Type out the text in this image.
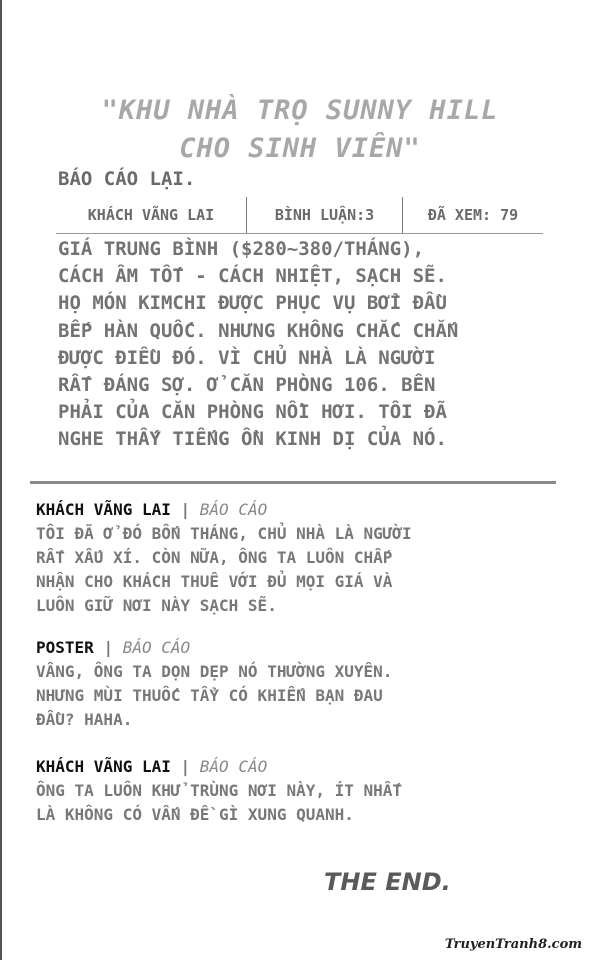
"KHU NHÀ TRỌ SUNNY HILL
CHO SINH VIÊN"
BÁO CÁO LẠI.
KHÁCH VÃNG LAI	BÌNH LUẬN:3	ĐÃ XEM: 79
GIÁ TRUNG BÌNH ($280~380/THÁNG),
CÁCH ÂM TỐT - CÁCH NHIỆT, SẠCH SẼ.
HỌ MÓN KIMCHI ĐƯỢC PHỤC VỤ BỞI ĐẦU
BẾP HÀN QUỐC. NHƯNG KHÔNG CHẮC CHẮN
ĐƯỢC ĐIỀU ĐÓ. VÌ CHỦ NHÀ LÀ NGƯỜI
RẤT ĐÁNG SỢ. Ở CĂN PHÒNG 106. BÊN
PHẢI CỦA CĂN PHÒNG NỒI HƠI. TÔI ĐÃ
NGHE THẤY TIẾNG ỒN KINH DỊ CỦA NÓ.
KHÁCH VÃNG LAI | BÁO CÁO
TÔI ĐÃ Ở ĐÓ BỐN THÁNG, CHỦ NHÀ LÀ NGƯỜI
RẤT XẤU XÍ. CÒN NỮA, ÔNG TA LUÔN CHẤP
NHẬN CHO KHÁCH THUÊ VỚI ĐỦ MỌI GIÁ VÀ
LUÔN GIỮ NƠI NÀY SẠCH SẼ.
POSTER | BÁO CÁO
VÂNG, ÔNG TA DỌN DẸP NÓ THƯỜNG XUYÊN.
NHƯNG MÙI THUỐC TẨY CÓ KHIẾN BẠN ĐAU
ĐẦU? HAHA.
KHÁCH VÃNG LAI | BÁO CÁO
ÔNG TA LUÔN KHỬ TRÙNG NƠI NÀY, ÍT NHẤT
LÀ KHÔNG CÓ VẤN ĐỀ GÌ XUNG QUANH.
THE END.
TruyenTranh8.com
